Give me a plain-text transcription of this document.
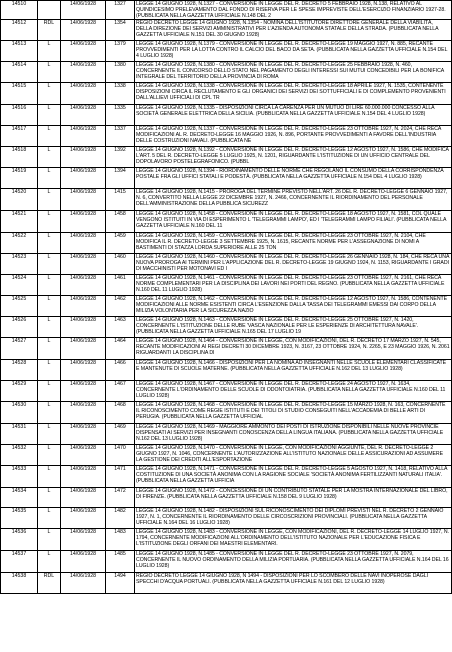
14510		14/06/1928	1327	LEGGE 14 GIUGNO 1928, N.1327 - CONVERSIONE IN LEGGE DEL R. DECRETO 5 FEBBRAIO 1928, N.138, RELATIVO AL QUINDICESIMO PRELEVAMENTO DAL FONDO DI RISERVA PER LE SPESE IMPREVISTE DELL'ESERCIZIO FINANZIARIO 1927-28. (PUBBLICATA NELLA GAZZETTA UFFICIALE N.148 DEL 2
14512	RDL	14/06/1928	1354	REGIO DECRETO LEGGE 14 GIUGNO 1928, N.1354 - NOMINA DELL'ISTITUTORE DIRETTORE GENERALE DELLA VIABILITÀ, DELLA DIREZIONE DEI SERVIZI AMMINISTRATIVI PER L'AZIENDA AUTONOMA STATALE DELLA STRADA. (PUBBLICATA NELLA GAZZETTA UFFICIALE N.151 DEL 30 GIUGNO 1928)
14513	L	14/06/1928	1379	LEGGE 14 GIUGNO 1928, N.1379 - CONVERSIONE IN LEGGE DEL R. DECRETO-LEGGE 19 MAGGIO 1927, N. 885, RECANTE PROVVEDIMENTI PER LA LOTTA CONTRO IL CALCIO DEL BACO DA SETA. (PUBBLICATA NELLA GAZZETTA UFFICIALE N.154 DEL 4 LUGLIO 1928)
14514	L	14/06/1928	1380	LEGGE 14 GIUGNO 1928, N.1380 - CONVERSIONE IN LEGGE DEL R. DECRETO-LEGGE 25 FEBBRAIO 1928, N. 460, CONCERNENTE IL CONCORSO DELLO STATO NEL PAGAMENTO DEGLI INTERESSI SUI MUTUI CONCEDIBILI PER LA BONIFICA INTEGRALE DEL TERRITORIO DELLA PROVINCIA DI ROMA
14515	L	14/06/1928	1338	LEGGE 14 GIUGNO 1928, N.1338 - CONVERSIONE IN LEGGE DEL R. DECRETO-LEGGE 18 APRILE 1927, N. 1535, CONTENENTE DISPOSIZIONI CIRCA IL RECLUTAMENTO E GLI ORGANICI DEI SERVIZI DEI SOTTUFFICIALI E DI COMPLEMENTO PROVENIENTI DALL'ALLIEVI UFFICIALI DI CPL TR
14516	L	14/06/1928	1335	LEGGE 14 GIUGNO 1928, N.1335 - DISPOSIZIONI CIRCA LA CARENZA PER UN MUTUO DI LIRE 60.000.000 CONCESSO ALLA SOCIETÀ GENERALE ELETTRICA DELLA SICILIA. (PUBBLICATA NELLA GAZZETTA UFFICIALE N.154 DEL 4 LUGLIO 1928)
14517	L	14/06/1928	1337	LEGGE 14 GIUGNO 1928, N.1337 - CONVERSIONE IN LEGGE DEL R. DECRETO-LEGGE 23 OTTOBRE 1927, N. 2024, CHE RECA MODIFICAZIONI AL R. DECRETO-LEGGE 16 MAGGIO 1926, N. 896, PORTANTE PROVVEDIMENTI A FAVORE DELL'INDUSTRIA DELLE COSTRUZIONI NAVALI. (PUBBLICATA NE
14518	L	14/06/1928	1392	LEGGE 14 GIUGNO 1928, N.1392 - CONVERSIONE IN LEGGE DEL R. DECRETO-LEGGE 12 AGOSTO 1927, N. 1586, CHE MODIFICA L'ART. 5 DEL R. DECRETO-LEGGE 5 LUGLIO 1925, N. 1201, RIGUARDANTE L'ISTITUZIONE DI UN UFFICIO CENTRALE DEL DOPOLAVORO POSTELEGRAFONICO. (PUBBL
14519	L	14/06/1928	1394	LEGGE 14 GIUGNO 1928, N.1394 - RIORDINAMENTO DELLE NORME CHE REGOLANO IL CONSUMO DELLA CORRISPONDENZA POSTALE FRA GLI UFFICI STATALI E PODESTÀ. (PUBBLICATA NELLA GAZZETTA UFFICIALE N.154 DEL 4 LUGLIO 1928)
14520	L	14/06/1928	1415	LEGGE 14 GIUGNO 1928, N.1415 - PROROGA DEL TERMINE PREVISTO NELL'ART. 26 DEL R. DECRETO-LEGGE 6 GENNAIO 1927, N. 6, CONVERTITO NELLA LEGGE 22 DICEMBRE 1927, N. 2466, CONCERNENTE IL RIORDINAMENTO DEL PERSONALE DELL'AMMINISTRAZIONE DELLA PUBBLICA SICUREZZ
14521	L	14/06/1928	1458	LEGGE 14 GIUGNO 1928, N.1458 - CONVERSIONE IN LEGGE DEL R. DECRETO-LEGGE 18 AGOSTO 1927, N. 1581, COL QUALE VENGONO ISTITUITI IN VIA DI ESPERIMENTO L 'TELEGRAMMI LAMPO', ED I 'TELEGRAMMI LAMPO FILIALI'. (PUBBLICATA NELLA GAZZETTA UFFICIALE N.160 DEL 11
14522	L	14/06/1928	1459	LEGGE 14 GIUGNO 1928, N.1459 - CONVERSIONE IN LEGGE DEL R. DECRETO-LEGGE 23 OTTOBRE 1927, N. 2104, CHE MODIFICA IL R. DECRETO-LEGGE 3 SETTEMBRE 1925, N. 1615, RECANTE NORME PER L'ASSEGNAZIONE DI NOMI A BASTIMENTI DI STAZZA LORDA SUPERIORE ALLE 25 TON
14523	L	14/06/1928	1460	LEGGE 14 GIUGNO 1928, N.1460 - CONVERSIONE IN LEGGE DEL R. DECRETO-LEGGE 26 GENNAIO 1928, N. 184, CHE RECA UNA NUOVA PROROGA AI TERMINI PER L'APPLICAZIONE DEL R. DECRETO-LEGGE 19 GIUGNO 1924, N. 1153, RIGUARDANTE I GRADI DI MACCHINISTI PER MOTONAVI ED I
14524	L	14/06/1928	1461	LEGGE 14 GIUGNO 1928, N.1461 - CONVERSIONE IN LEGGE DEL R. DECRETO-LEGGE 23 OTTOBRE 1927, N. 2161, CHE RECA NORME COMPLEMENTARI PER LA DISCIPLINA DEI LAVORI NEI PORTI DEL REGNO. (PUBBLICATA NELLA GAZZETTA UFFICIALE N.160 DEL 11 LUGLIO 1928)
14525	L	14/06/1928	1462	LEGGE 14 GIUGNO 1928, N.1462 - CONVERSIONE IN LEGGE DEL R. DECRETO-LEGGE 12 AGOSTO 1927, N. 1586, CONTENENTE MODIFICAZIONI ALLE NORME ESISTENTI CIRCA L'ESENZIONE DALLA TASSA DEI TELEGRAMMI EMESSI DAI CORPO DELLA MILIZIA VOLONTARIA PER LA SICUREZZA NAZIO
14526	L	14/06/1928	1463	LEGGE 14 GIUGNO 1928, N.1463 - CONVERSIONE IN LEGGE DEL R. DECRETO-LEGGE 25 OTTOBRE 1927, N. 1420, CONCERNENTE L'ISTITUZIONE DELLE RUBE 'VASCA NAZIONALE PER LE ESPERIENZE DI ARCHITETTURA NAVALE'. (PUBBLICATA NELLA GAZZETTA UFFICIALE N.165 DEL 17 LUGLIO 19
14527	L	14/06/1928	1464	LEGGE 14 GIUGNO 1928, N.1464 - CONVERSIONE IN LEGGE, CON MODIFICAZIONI, DEL R. DECRETO 17 MARZO 1927, N. 545, RECANTE MODIFICAZIONI AI REGI DECRETI 30 DICEMBRE 1923, N. 3167, 23 OTTOBRE 1924, N. 2265, E 23 MAGGIO 1926, N. 2061 RIGUARDANTI LA DISCIPLINA DI
14528	L	14/06/1928	1466	LEGGE 14 GIUGNO 1928, N.1466 - DISPOSIZIONI PER LA NOMINA AD INSEGNANTI NELLE SCUOLE ELEMENTARI CLASSIFICATE E MANTENUTE DI SCUOLE MATERNE. (PUBBLICATA NELLA GAZZETTA UFFICIALE N.162 DEL 13 LUGLIO 1928)
14529	L	14/06/1928	1467	LEGGE 14 GIUGNO 1928, N.1467 - CONVERSIONE IN LEGGE DEL R. DECRETO-LEGGE 24 AGOSTO 1927, N. 1634, CONCERNENTE L'ORDINAMENTO DELLE SCUOLE DI ODONTOIATRIA. (PUBBLICATA NELLA GAZZETTA UFFICIALE N.160 DEL 11 LUGLIO 1928)
14530	L	14/06/1928	1468	LEGGE 14 GIUGNO 1928, N.1468 - CONVERSIONE IN LEGGE DEL R. DECRETO-LEGGE 15 MARZO 1928, N. 163, CONCERNENTE IL RICONOSCIMENTO COME REGIE ISTITUTI E DEI TITOLI DI STUDIO CONSEGUITI NELL'ACCADEMIA DI BELLE ARTI DI PERUGIA. (PUBBLICATA NELLA GAZZETTA UFFICIAL
14531	L	14/06/1928	1469	LEGGE 14 GIUGNO 1928, N.1469 - MAGGIORE AMMONTO DEI POSTI DI ISTRUZIONE DISPONIBILI NELLE NUOVE PROVINCIE DISPENSATI AI SERVIZI PER INSEGNANTI CONOSCENZA DELLA LINGUA ITALIANA. (PUBBLICATA NELLA GAZZETTA UFFICIALE N.162 DEL 13 LUGLIO 1928)
14532	L	14/06/1928	1470	LEGGE 14 GIUGNO 1928, N.1470 - CONVERSIONE IN LEGGE, CON MODIFICAZIONI AGGIUNTE, DEL R. DECRETO-LEGGE 2 GIUGNO 1927, N. 1046, CONCERNENTE L'AUTORIZZAZIONE ALL'ISTITUTO NAZIONALE DELLE ASSICURAZIONI AD ASSUMERE LA GESTIONE DEI CREDITI ALL'ESPORTAZIONE
14533	L	14/06/1928	1471	LEGGE 14 GIUGNO 1928, N.1471 - CONVERSIONE IN LEGGE DEL R. DECRETO-LEGGE 5 AGOSTO 1927, N. 1418, RELATIVO ALLA COSTITUZIONE DI UNA SOCIETÀ ANONIMA CON LA RAGIONE SOCIALE 'SOCIETÀ ANONIMA FERTILIZZANTI NATURALI ITALIA'. (PUBBLICATA NELLA GAZZETTA UFFICIA
14534	L	14/06/1928	1472	LEGGE 14 GIUGNO 1928, N.1472 - CONCESSIONE DI UN CONTRIBUTO STATALE PER LA MOSTRA INTERNAZIONALE DEL LIBRO, DI FIRENZE. (PUBBLICATA NELLA GAZZETTA UFFICIALE N.158 DEL 9 LUGLIO 1928)
14535	L	14/06/1928	1482	LEGGE 14 GIUGNO 1928, N.1482 - DISPOSIZIONI SUL RICONOSCIMENTO DEI DIPLOMI PREVISTI NEL R. DECRETO 2 GENNAIO 1927, N. 1, CONCERNENTE IL RIORDINAMENTO DELLE CIRCOSCRIZIONI PROVINCIALI. (PUBBLICATA NELLA GAZZETTA UFFICIALE N.164 DEL 16 LUGLIO 1928)
14536	L	14/06/1928	1483	LEGGE 14 GIUGNO 1928, N.1483 - CONVERSIONE IN LEGGE, CON MODIFICAZIONI, DEL R. DECRETO-LEGGE 14 LUGLIO 1927, N. 1794, CONCERNENTE MODIFICAZIONI ALL'ORDINAMENTO DELL'ISTITUTO NAZIONALE PER L'EDUCAZIONE FISICA E L'ISTITUZIONE DEGLI ORFANI DEI MAESTRI ELEMENTARI.
14537	L	14/06/1928	1485	LEGGE 14 GIUGNO 1928, N.1485 - CONVERSIONE IN LEGGE DEL R. DECRETO-LEGGE 23 OTTOBRE 1927, N. 2079, CONCERNENTE IL NUOVO ORDINAMENTO DELLA MILIZIA PORTUARIA. (PUBBLICATA NELLA GAZZETTA UFFICIALE N.164 DEL 16 LUGLIO 1928)
14538	RDL	14/06/1928	1494	REGIO DECRETO LEGGE 14 GIUGNO 1928, N 1494 - DISPOSIZIONI PER LO SCOMBERO DELLE NAVI INOPEROSE DAGLI SPECCHI D'ACQUA PORTUALI. (PUBBLICATA NELLA GAZZETTA UFFICIALE N.161 DEL 12 LUGLIO 1928)
